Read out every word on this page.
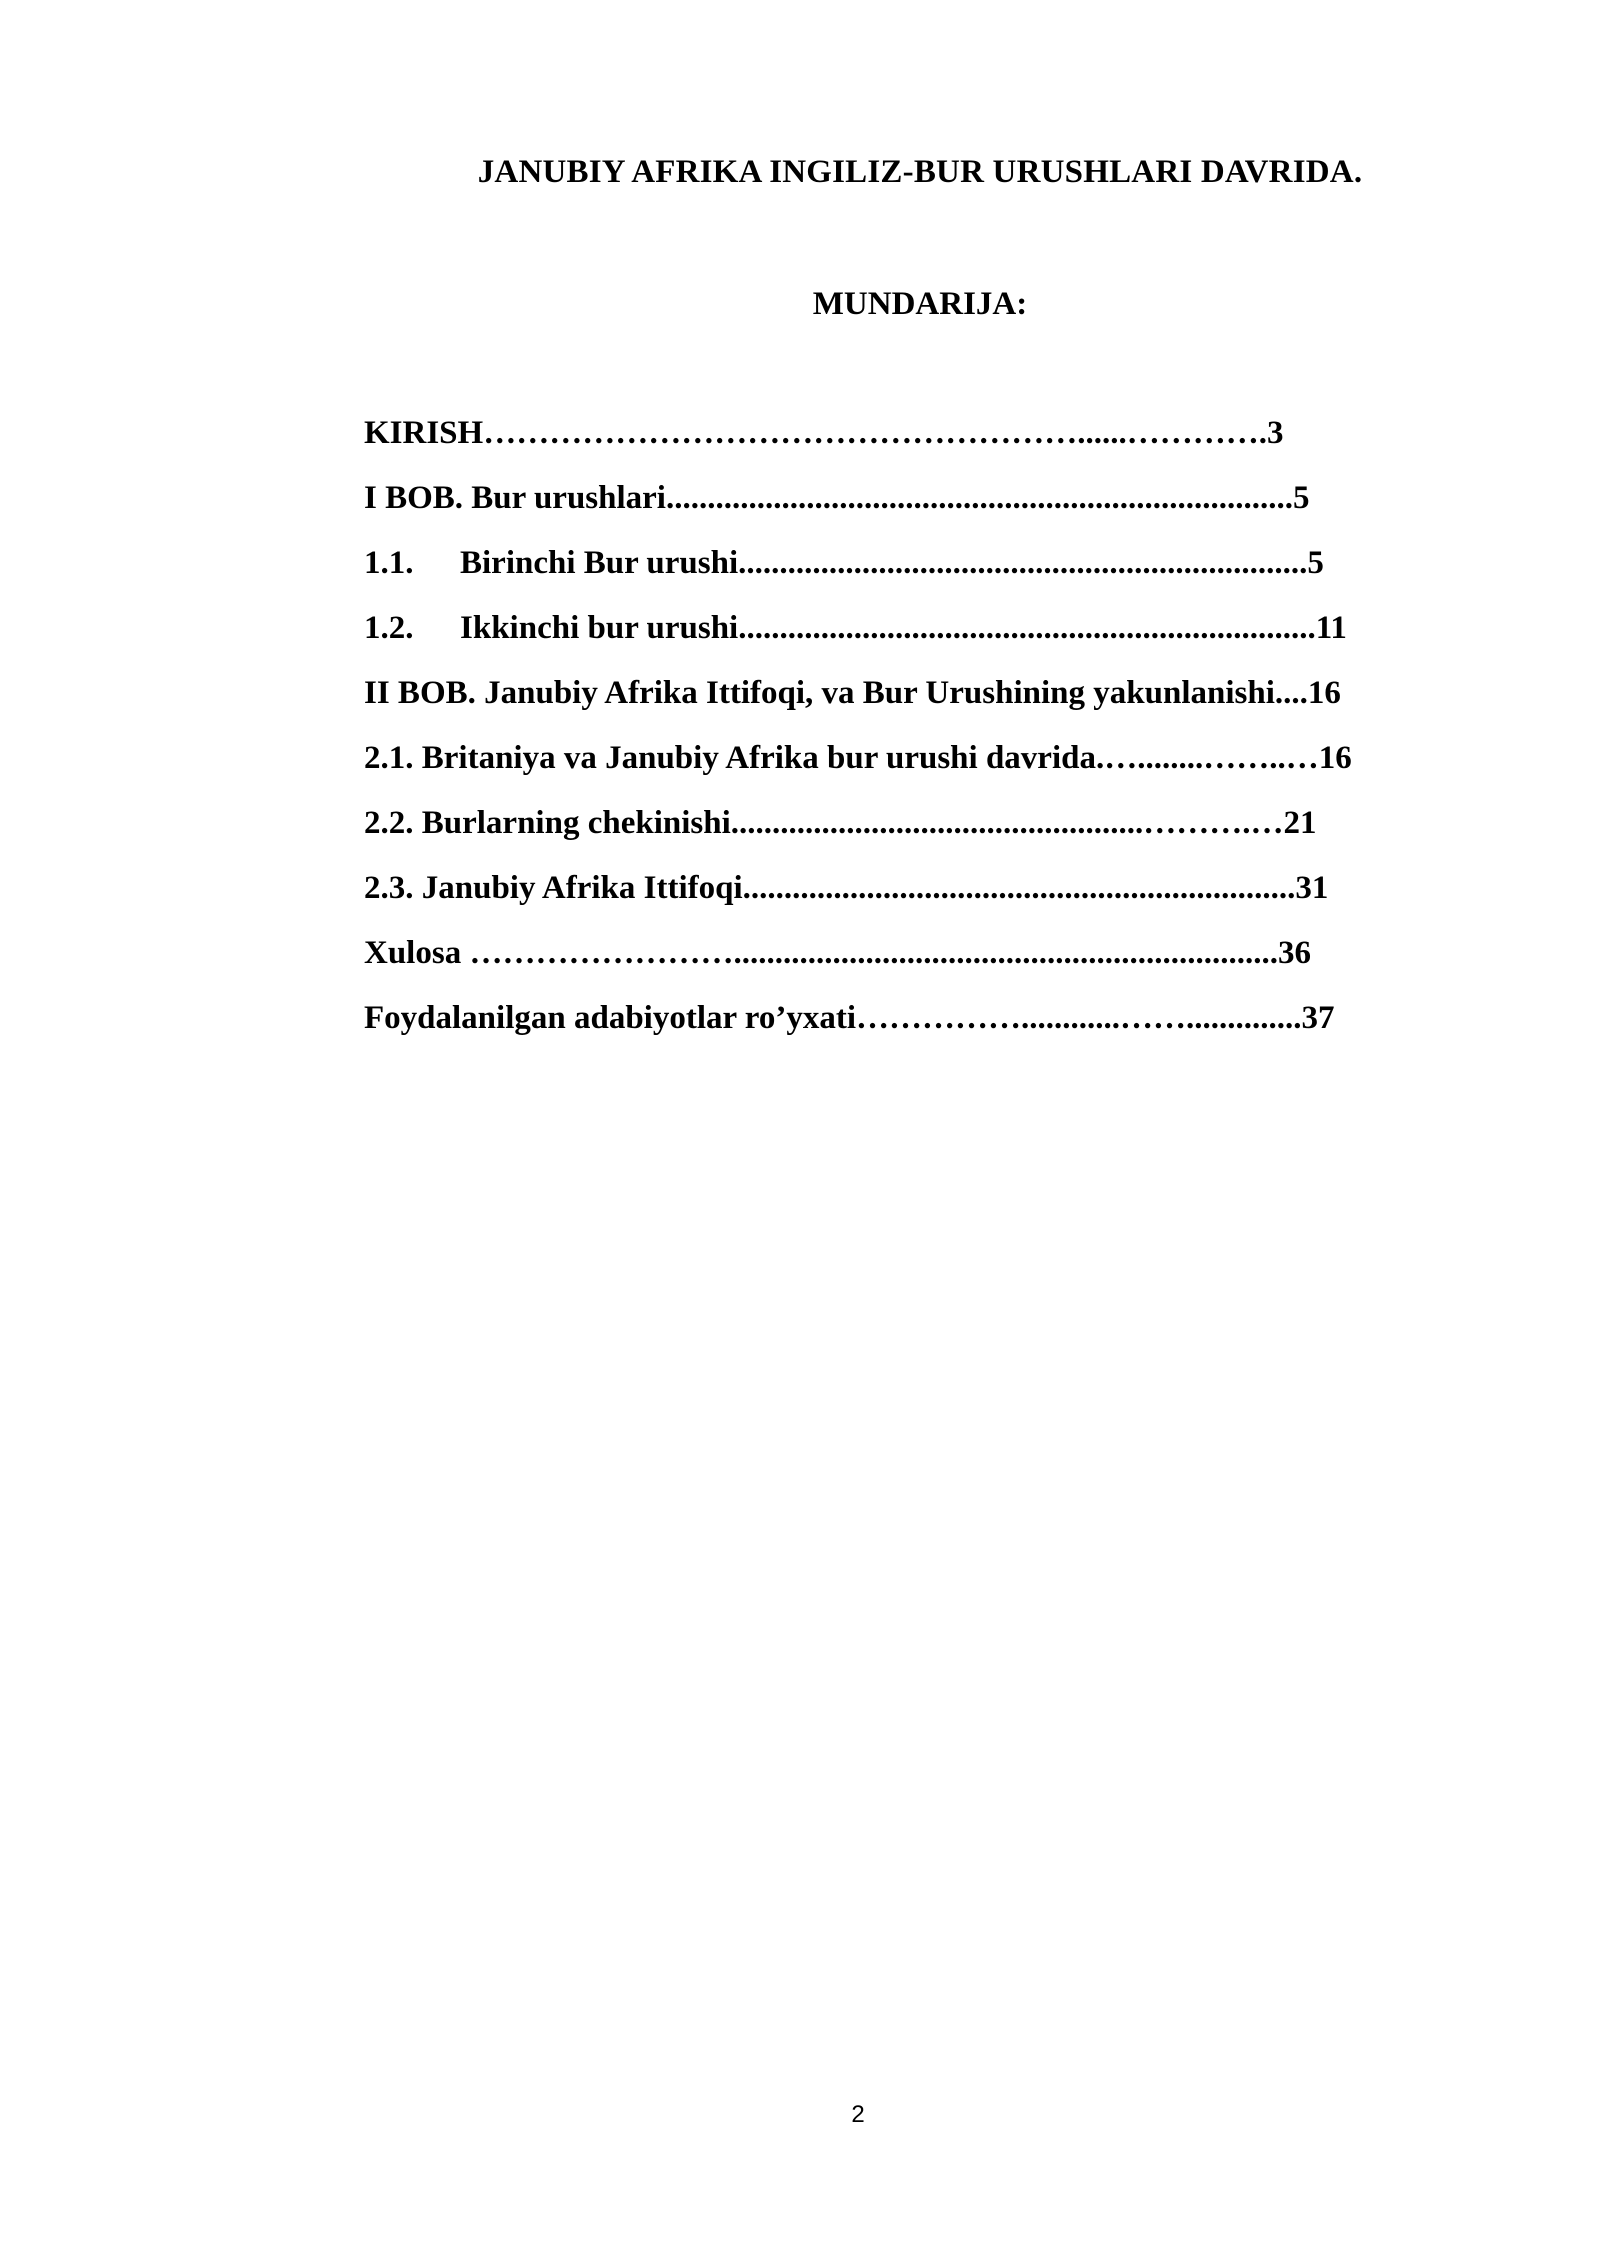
JANUBIY AFRIKA INGILIZ-BUR URUSHLARI DAVRIDA.
MUNDARIJA:
KIRISH………………………………………………......………….3
I BOB. Bur urushlari............................................................................5
1.1. Birinchi Bur urushi.....................................................................5
1.2. Ikkinchi bur urushi......................................................................11
II BOB. Janubiy Afrika Ittifoqi, va Bur Urushining yakunlanishi....16
2.1. Britaniya va Janubiy Afrika bur urushi davrida.…........……..…16
2.2. Burlarning chekinishi..................................................……….…21
2.3. Janubiy Afrika Ittifoqi...................................................................31
Xulosa ……………………..................................................................36
Foydalanilgan adabiyotlar ro’yxati……………............……..............37
2
